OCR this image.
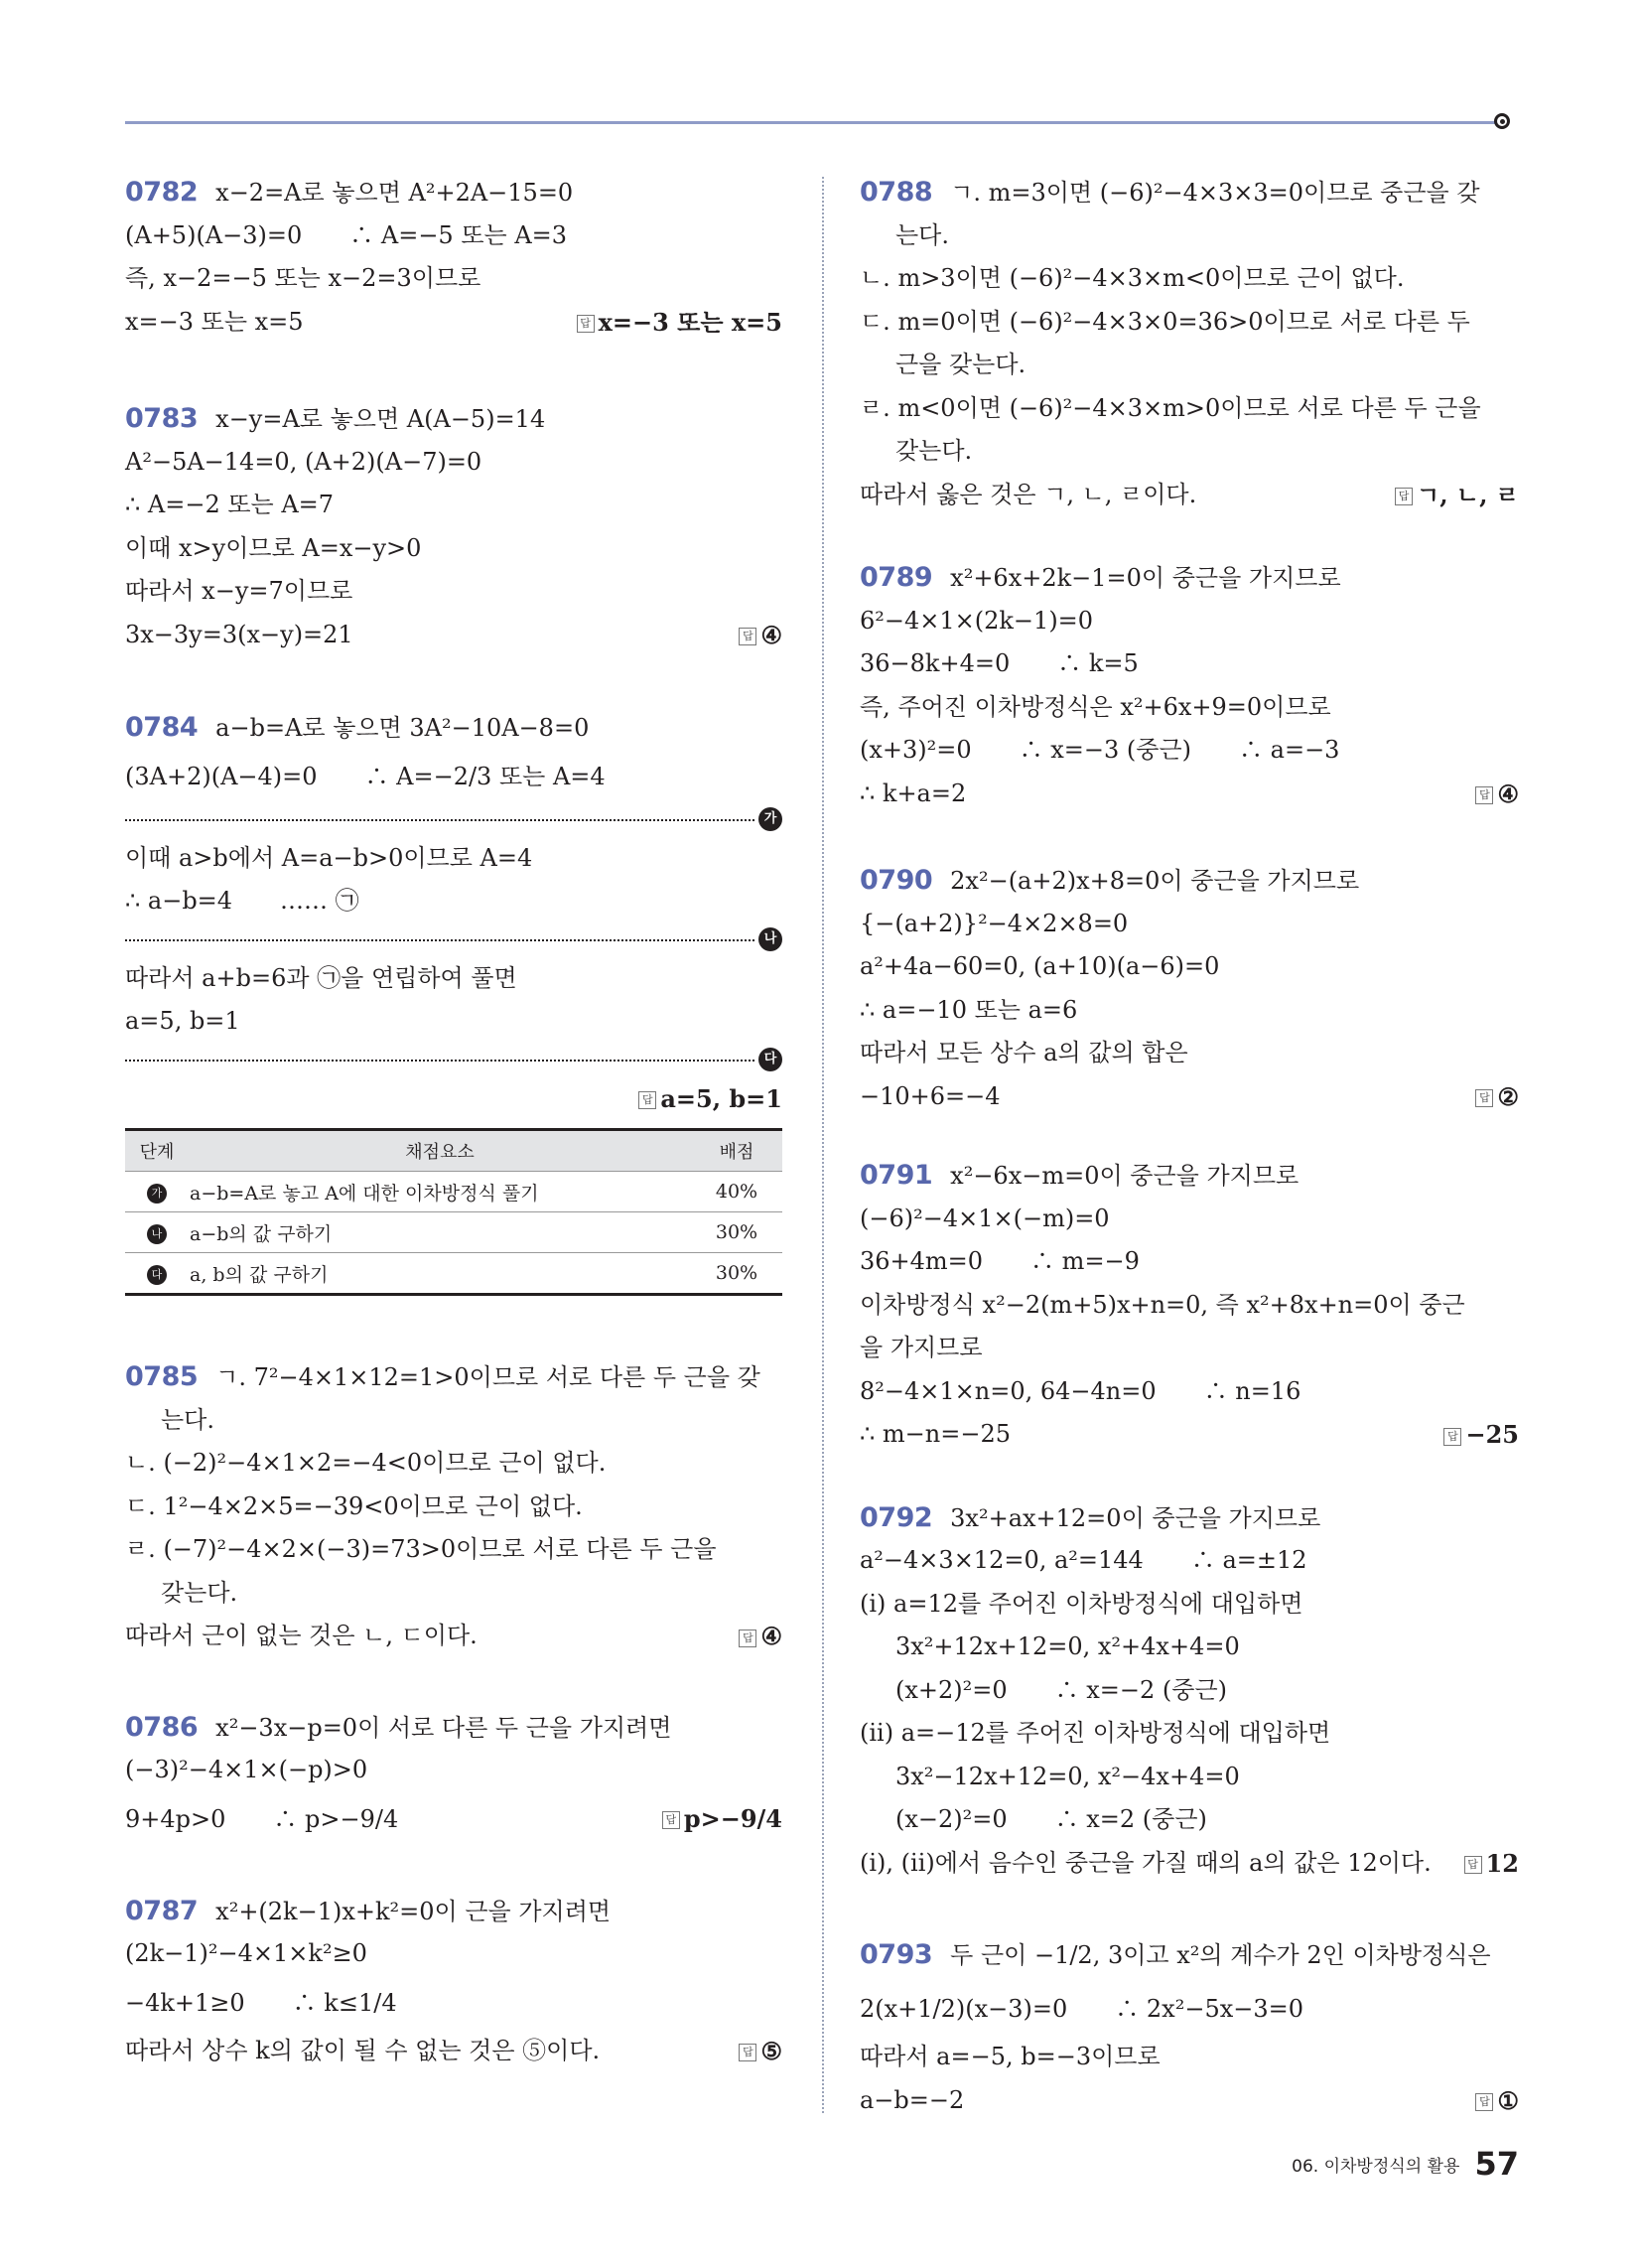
0782 x−2=A로 놓으면 A²+2A−15=0
(A+5)(A−3)=0　　∴ A=−5 또는 A=3
즉, x−2=−5 또는 x−2=3이므로
x=−3 또는 x=5	답 x=−3 또는 x=5
0783 x−y=A로 놓으면 A(A−5)=14
A²−5A−14=0, (A+2)(A−7)=0
∴ A=−2 또는 A=7
이때 x>y이므로 A=x−y>0
따라서 x−y=7이므로
3x−3y=3(x−y)=21	답 ④
0784 a−b=A로 놓으면 3A²−10A−8=0
(3A+2)(A−4)=0　　∴ A=−2/3 또는 A=4
가
이때 a>b에서 A=a−b>0이므로 A=4
∴ a−b=4　　…… ㉠
나
따라서 a+b=6과 ㉠을 연립하여 풀면
a=5, b=1
다
답 a=5, b=1
단계	채점요소	배점
가	a−b=A로 놓고 A에 대한 이차방정식 풀기	40%
나	a−b의 값 구하기	30%
다	a, b의 값 구하기	30%
0785 ㄱ. 7²−4×1×12=1>0이므로 서로 다른 두 근을 갖
는다.
ㄴ. (−2)²−4×1×2=−4<0이므로 근이 없다.
ㄷ. 1²−4×2×5=−39<0이므로 근이 없다.
ㄹ. (−7)²−4×2×(−3)=73>0이므로 서로 다른 두 근을
갖는다.
따라서 근이 없는 것은 ㄴ, ㄷ이다.	답 ④
0786 x²−3x−p=0이 서로 다른 두 근을 가지려면
(−3)²−4×1×(−p)>0
9+4p>0　　∴ p>−9/4	답 p>−9/4
0787 x²+(2k−1)x+k²=0이 근을 가지려면
(2k−1)²−4×1×k²≥0
−4k+1≥0　　∴ k≤1/4
따라서 상수 k의 값이 될 수 없는 것은 ⑤이다.	답 ⑤
0788 ㄱ. m=3이면 (−6)²−4×3×3=0이므로 중근을 갖
는다.
ㄴ. m>3이면 (−6)²−4×3×m<0이므로 근이 없다.
ㄷ. m=0이면 (−6)²−4×3×0=36>0이므로 서로 다른 두
근을 갖는다.
ㄹ. m<0이면 (−6)²−4×3×m>0이므로 서로 다른 두 근을
갖는다.
따라서 옳은 것은 ㄱ, ㄴ, ㄹ이다.	답 ㄱ, ㄴ, ㄹ
0789 x²+6x+2k−1=0이 중근을 가지므로
6²−4×1×(2k−1)=0
36−8k+4=0　　∴ k=5
즉, 주어진 이차방정식은 x²+6x+9=0이므로
(x+3)²=0　　∴ x=−3 (중근)　　∴ a=−3
∴ k+a=2	답 ④
0790 2x²−(a+2)x+8=0이 중근을 가지므로
{−(a+2)}²−4×2×8=0
a²+4a−60=0, (a+10)(a−6)=0
∴ a=−10 또는 a=6
따라서 모든 상수 a의 값의 합은
−10+6=−4	답 ②
0791 x²−6x−m=0이 중근을 가지므로
(−6)²−4×1×(−m)=0
36+4m=0　　∴ m=−9
이차방정식 x²−2(m+5)x+n=0, 즉 x²+8x+n=0이 중근
을 가지므로
8²−4×1×n=0, 64−4n=0　　∴ n=16
∴ m−n=−25	답 −25
0792 3x²+ax+12=0이 중근을 가지므로
a²−4×3×12=0, a²=144　　∴ a=±12
(i) a=12를 주어진 이차방정식에 대입하면
3x²+12x+12=0, x²+4x+4=0
(x+2)²=0　　∴ x=−2 (중근)
(ii) a=−12를 주어진 이차방정식에 대입하면
3x²−12x+12=0, x²−4x+4=0
(x−2)²=0　　∴ x=2 (중근)
(i), (ii)에서 음수인 중근을 가질 때의 a의 값은 12이다.	답 12
0793 두 근이 −1/2, 3이고 x²의 계수가 2인 이차방정식은
2(x+1/2)(x−3)=0　　∴ 2x²−5x−3=0
따라서 a=−5, b=−3이므로
a−b=−2	답 ①
06. 이차방정식의 활용 57
